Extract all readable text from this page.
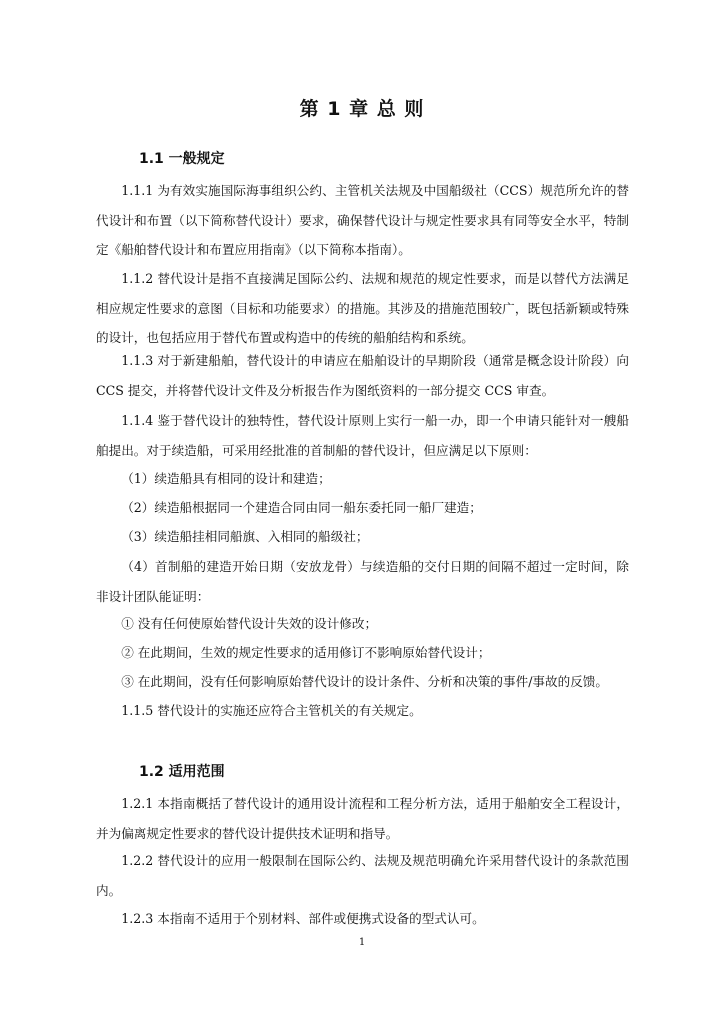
第 1 章 总 则
1.1 一般规定

1.1.1 为有效实施国际海事组织公约、主管机关法规及中国船级社（CCS）规范所允许的替代设计和布置（以下简称替代设计）要求，确保替代设计与规定性要求具有同等安全水平，特制定《船舶替代设计和布置应用指南》（以下简称本指南）。

1.1.2 替代设计是指不直接满足国际公约、法规和规范的规定性要求，而是以替代方法满足相应规定性要求的意图（目标和功能要求）的措施。其涉及的措施范围较广，既包括新颖或特殊的设计，也包括应用于替代布置或构造中的传统的船舶结构和系统。

1.1.3 对于新建船舶，替代设计的申请应在船舶设计的早期阶段（通常是概念设计阶段）向 CCS 提交，并将替代设计文件及分析报告作为图纸资料的一部分提交 CCS 审查。

1.1.4 鉴于替代设计的独特性，替代设计原则上实行一船一办，即一个申请只能针对一艘船舶提出。对于续造船，可采用经批准的首制船的替代设计，但应满足以下原则：

（1）续造船具有相同的设计和建造；

（2）续造船根据同一个建造合同由同一船东委托同一船厂建造；

（3）续造船挂相同船旗、入相同的船级社；

（4）首制船的建造开始日期（安放龙骨）与续造船的交付日期的间隔不超过一定时间，除非设计团队能证明：

① 没有任何使原始替代设计失效的设计修改；

② 在此期间，生效的规定性要求的适用修订不影响原始替代设计；

③ 在此期间，没有任何影响原始替代设计的设计条件、分析和决策的事件/事故的反馈。

1.1.5 替代设计的实施还应符合主管机关的有关规定。

1.2 适用范围

1.2.1 本指南概括了替代设计的通用设计流程和工程分析方法，适用于船舶安全工程设计，并为偏离规定性要求的替代设计提供技术证明和指导。

1.2.2 替代设计的应用一般限制在国际公约、法规及规范明确允许采用替代设计的条款范围内。

1.2.3 本指南不适用于个别材料、部件或便携式设备的型式认可。

1
